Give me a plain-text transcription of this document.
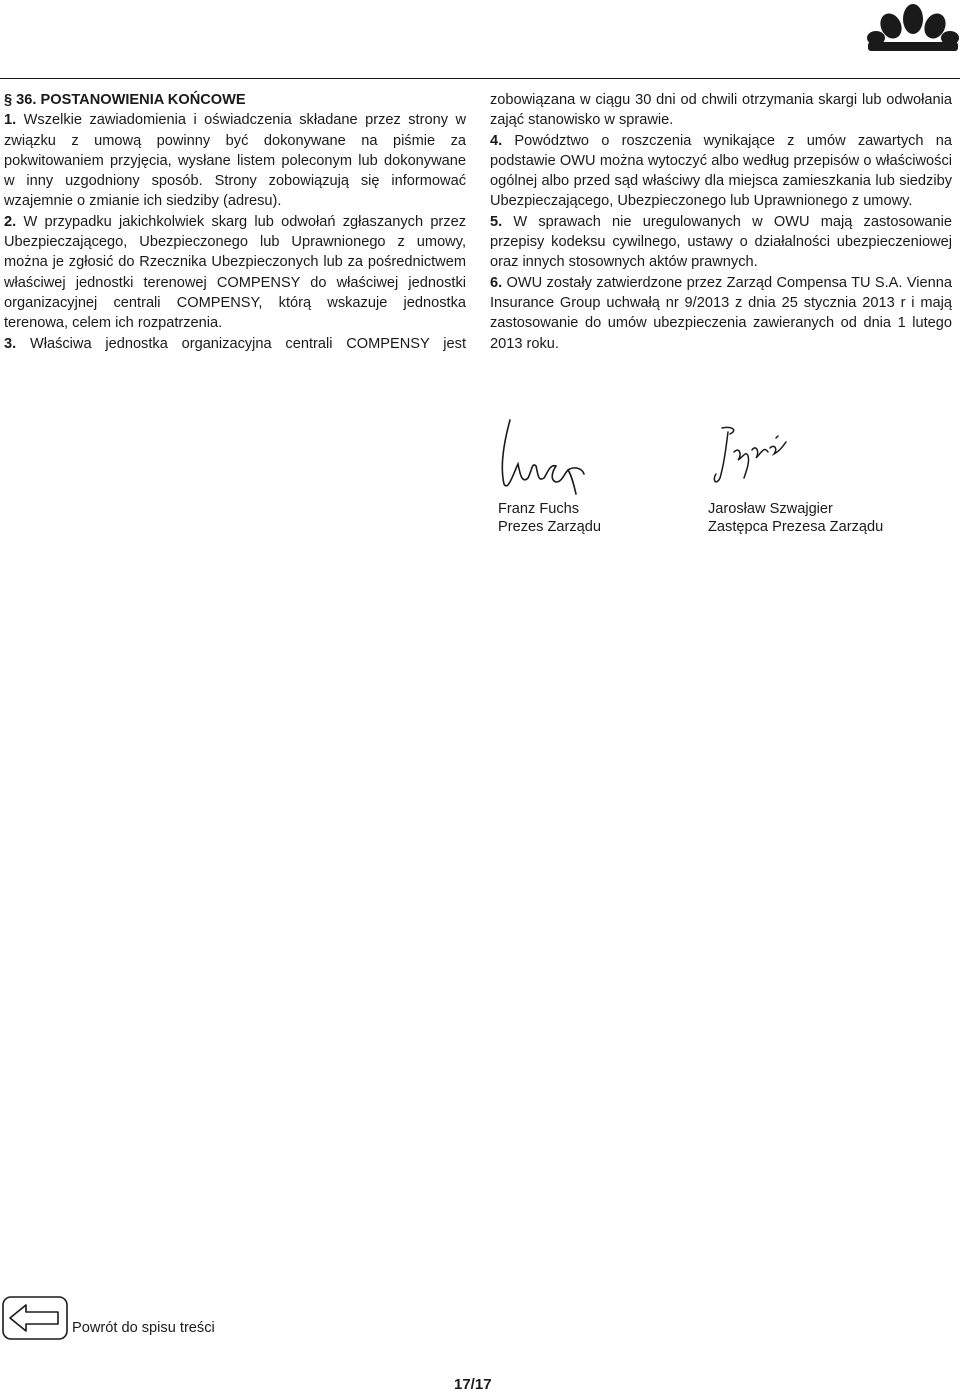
§ 36. POSTANOWIENIA KOŃCOWE

1. Wszelkie zawiadomienia i oświadczenia składane przez strony w związku z umową powinny być dokonywane na piśmie za pokwitowaniem przyjęcia, wysłane listem poleconym lub dokonywane w inny uzgodniony sposób. Strony zobowiązują się informować wzajemnie o zmianie ich siedziby (adresu).

2. W przypadku jakichkolwiek skarg lub odwołań zgłaszanych przez Ubezpieczającego, Ubezpieczonego lub Uprawnionego z umowy, można je zgłosić do Rzecznika Ubezpieczonych lub za pośrednictwem właściwej jednostki terenowej COMPENSY do właściwej jednostki organizacyjnej centrali COMPENSY, którą wskazuje jednostka terenowa, celem ich rozpatrzenia.

3. Właściwa jednostka organizacyjna centrali COMPENSY jest

zobowiązana w ciągu 30 dni od chwili otrzymania skargi lub odwołania zająć stanowisko w sprawie.

4. Powództwo o roszczenia wynikające z umów zawartych na podstawie OWU można wytoczyć albo według przepisów o właściwości ogólnej albo przed sąd właściwy dla miejsca zamieszkania lub siedziby Ubezpieczającego, Ubezpieczonego lub Uprawnionego z umowy.

5. W sprawach nie uregulowanych w OWU mają zastosowanie przepisy kodeksu cywilnego, ustawy o działalności ubezpieczeniowej oraz innych stosownych aktów prawnych.

6. OWU zostały zatwierdzone przez Zarząd Compensa TU S.A. Vienna Insurance Group uchwałą nr 9/2013 z dnia 25 stycznia 2013 r i mają zastosowanie do umów ubezpieczenia zawieranych od dnia 1 lutego 2013 roku.

Franz Fuchs
Prezes Zarządu
Jarosław Szwajgier
Zastępca Prezesa Zarządu
Powrót do spisu treści
17/17
